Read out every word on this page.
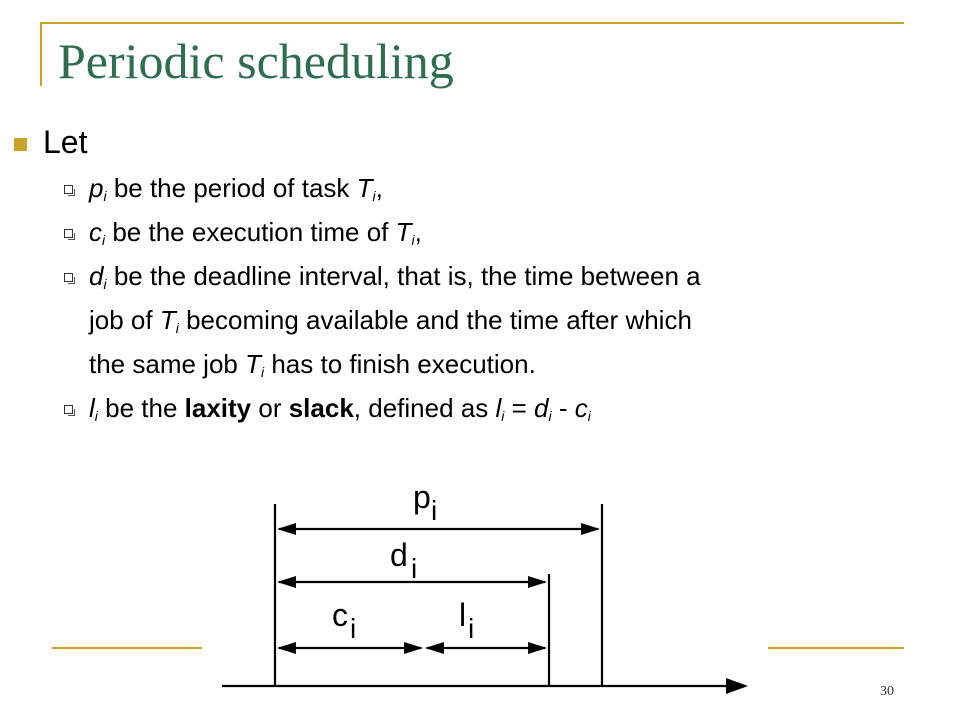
Periodic scheduling
Let
$p_i$ be the period of task $T_i$,
$c_i$ be the execution time of $T_i$,
$d_i$ be the deadline interval, that is, the time between a
job of $T_i$ becoming available and the time after which
the same job $T_i$ has to finish execution.
$l_i$ be the laxity or slack, defined as $l_i = d_i - c_i$
p i
d i
c i	l i
30
